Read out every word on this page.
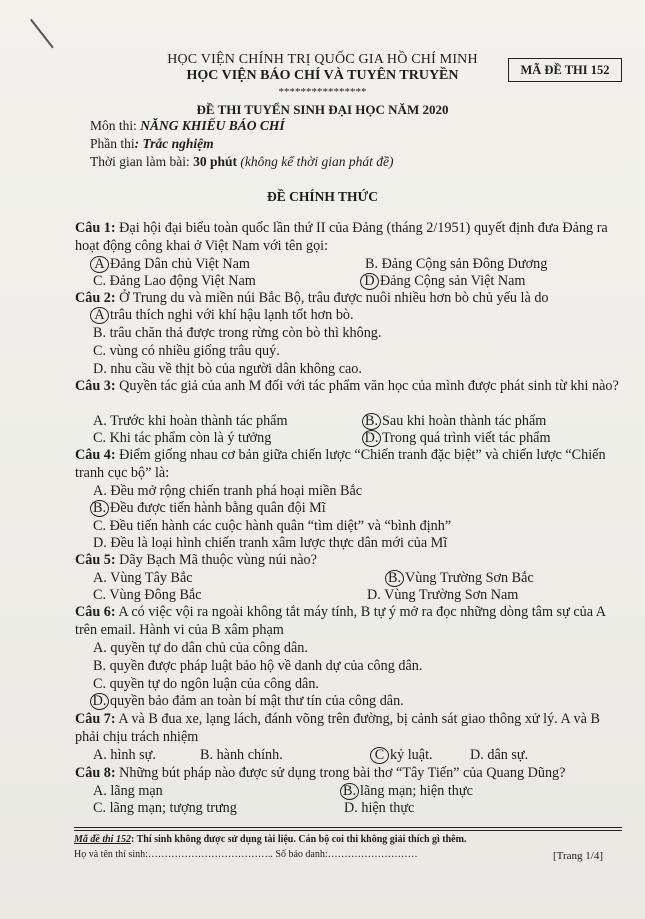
HỌC VIỆN CHÍNH TRỊ QUỐC GIA HỒ CHÍ MINH
HỌC VIỆN BÁO CHÍ VÀ TUYÊN TRUYỀN
****************
MÃ ĐỀ THI 152
ĐỀ THI TUYỂN SINH ĐẠI HỌC NĂM 2020
Môn thi: NĂNG KHIẾU BÁO CHÍ
Phần thi: Trắc nghiệm
Thời gian làm bài: 30 phút (không kể thời gian phát đề)
ĐỀ CHÍNH THỨC
Câu 1: Đại hội đại biểu toàn quốc lần thứ II của Đảng (tháng 2/1951) quyết định đưa Đảng ra hoạt động công khai ở Việt Nam với tên gọi:
A Đảng Dân chủ Việt Nam	B. Đảng Cộng sản Đông Dương
C. Đảng Lao động Việt Nam	D Đảng Cộng sản Việt Nam
Câu 2: Ở Trung du và miền núi Bắc Bộ, trâu được nuôi nhiều hơn bò chủ yếu là do
A trâu thích nghi với khí hậu lạnh tốt hơn bò.
B. trâu chăn thả được trong rừng còn bò thì không.
C. vùng có nhiều giống trâu quý.
D. nhu cầu về thịt bò của người dân không cao.
Câu 3: Quyền tác giả của anh M đối với tác phẩm văn học của mình được phát sinh từ khi nào?
A. Trước khi hoàn thành tác phẩm	B. Sau khi hoàn thành tác phẩm
C. Khi tác phẩm còn là ý tưởng	D. Trong quá trình viết tác phẩm
Câu 4: Điểm giống nhau cơ bản giữa chiến lược “Chiến tranh đặc biệt” và chiến lược “Chiến tranh cục bộ” là:
A. Đều mở rộng chiến tranh phá hoại miền Bắc
B. Đều được tiến hành bằng quân đội Mĩ
C. Đều tiến hành các cuộc hành quân “tìm diệt” và “bình định”
D. Đều là loại hình chiến tranh xâm lược thực dân mới của Mĩ
Câu 5: Dãy Bạch Mã thuộc vùng núi nào?
A. Vùng Tây Bắc	B. Vùng Trường Sơn Bắc
C. Vùng Đông Bắc	D. Vùng Trường Sơn Nam
Câu 6: A có việc vội ra ngoài không tắt máy tính, B tự ý mở ra đọc những dòng tâm sự của A trên email. Hành vi của B xâm phạm
A. quyền tự do dân chủ của công dân.
B. quyền được pháp luật bảo hộ về danh dự của công dân.
C. quyền tự do ngôn luận của công dân.
D. quyền bảo đảm an toàn bí mật thư tín của công dân.
Câu 7: A và B đua xe, lạng lách, đánh võng trên đường, bị cảnh sát giao thông xử lý. A và B phải chịu trách nhiệm
A. hình sự.	B. hành chính.	C kỷ luật.	D. dân sự.
Câu 8: Những bút pháp nào được sử dụng trong bài thơ “Tây Tiến” của Quang Dũng?
A. lãng mạn	B. lãng mạn; hiện thực
C. lãng mạn; tượng trưng	D. hiện thực
Mã đề thi 152: Thí sinh không được sử dụng tài liệu. Cán bộ coi thi không giải thích gì thêm.
Họ và tên thí sinh:……………………………….. Số báo danh:………………………	[Trang 1/4]
